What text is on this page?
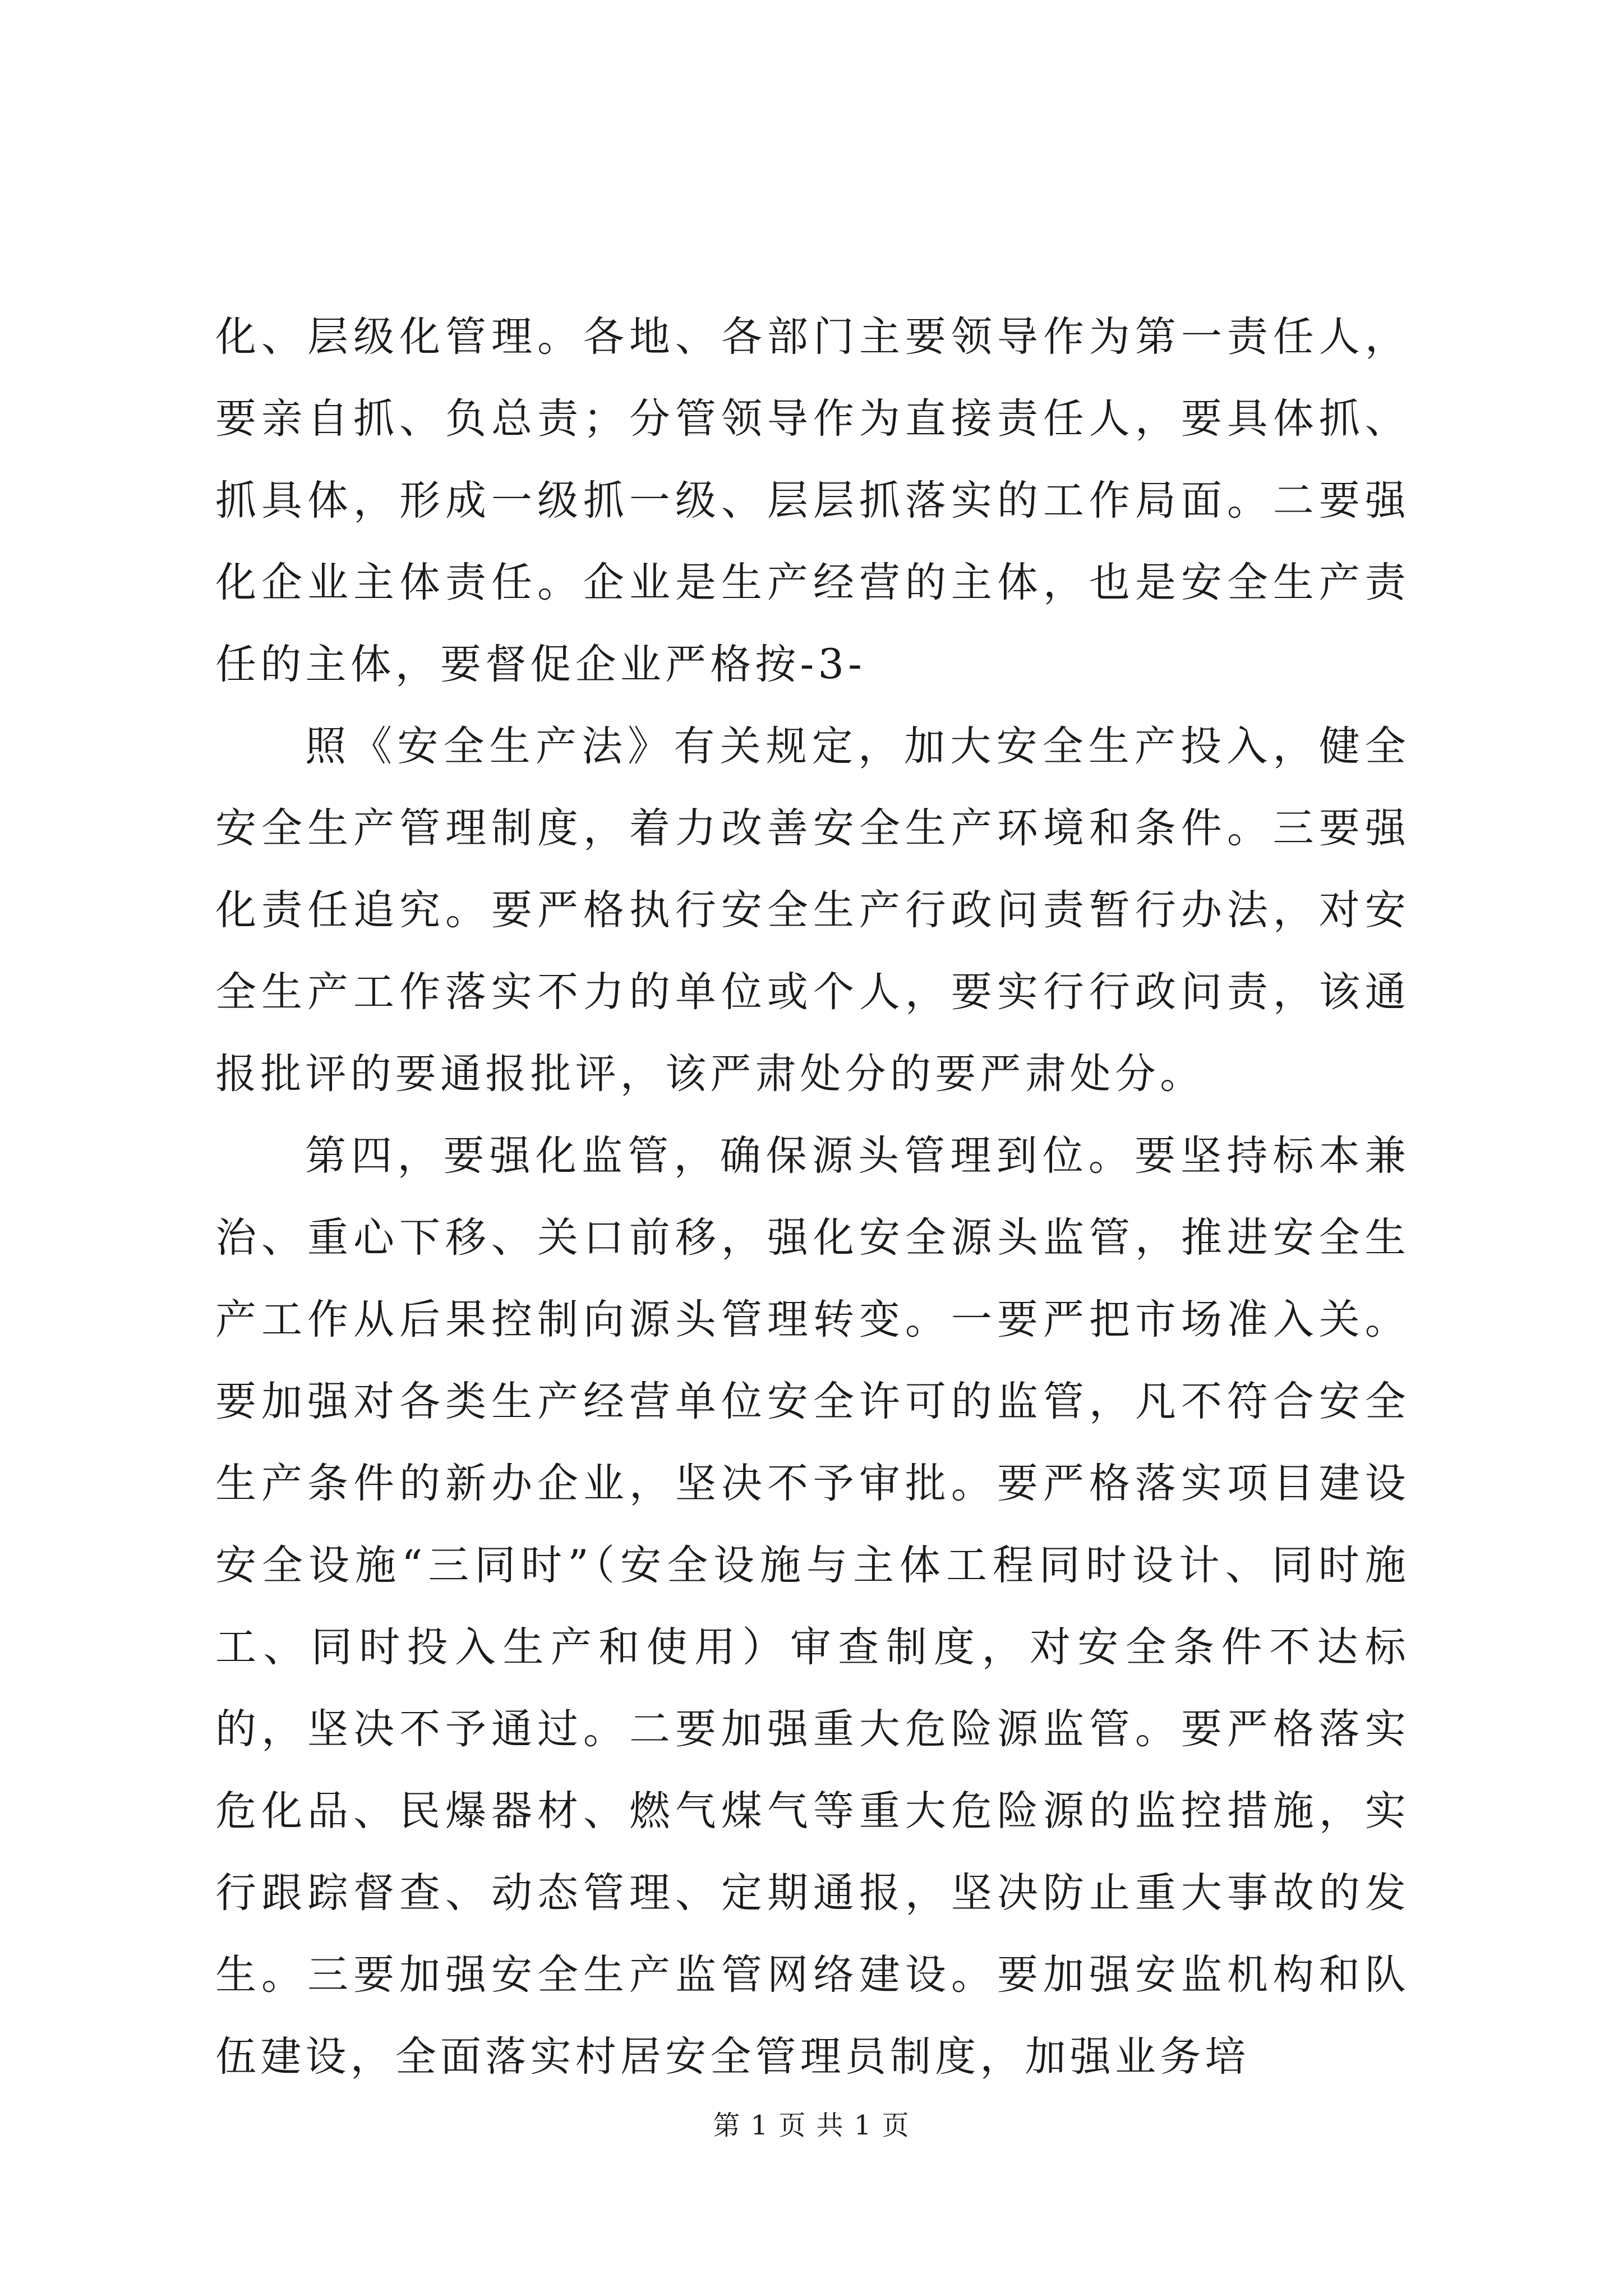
化、层级化管理。各地、各部门主要领导作为第一责任人，要亲自抓、负总责；分管领导作为直接责任人，要具体抓、抓具体，形成一级抓一级、层层抓落实的工作局面。二要强化企业主体责任。企业是生产经营的主体，也是安全生产责任的主体，要督促企业严格按-3-

照《安全生产法》有关规定，加大安全生产投入，健全安全生产管理制度，着力改善安全生产环境和条件。三要强化责任追究。要严格执行安全生产行政问责暂行办法，对安全生产工作落实不力的单位或个人，要实行行政问责，该通报批评的要通报批评，该严肃处分的要严肃处分。

第四，要强化监管，确保源头管理到位。要坚持标本兼治、重心下移、关口前移，强化安全源头监管，推进安全生产工作从后果控制向源头管理转变。一要严把市场准入关。要加强对各类生产经营单位安全许可的监管，凡不符合安全生产条件的新办企业，坚决不予审批。要严格落实项目建设安全设施“三同时”（安全设施与主体工程同时设计、同时施工、同时投入生产和使用）审查制度，对安全条件不达标的，坚决不予通过。二要加强重大危险源监管。要严格落实危化品、民爆器材、燃气煤气等重大危险源的监控措施，实行跟踪督查、动态管理、定期通报，坚决防止重大事故的发生。三要加强安全生产监管网络建设。要加强安监机构和队伍建设，全面落实村居安全管理员制度，加强业务培

第 1 页 共 1 页
